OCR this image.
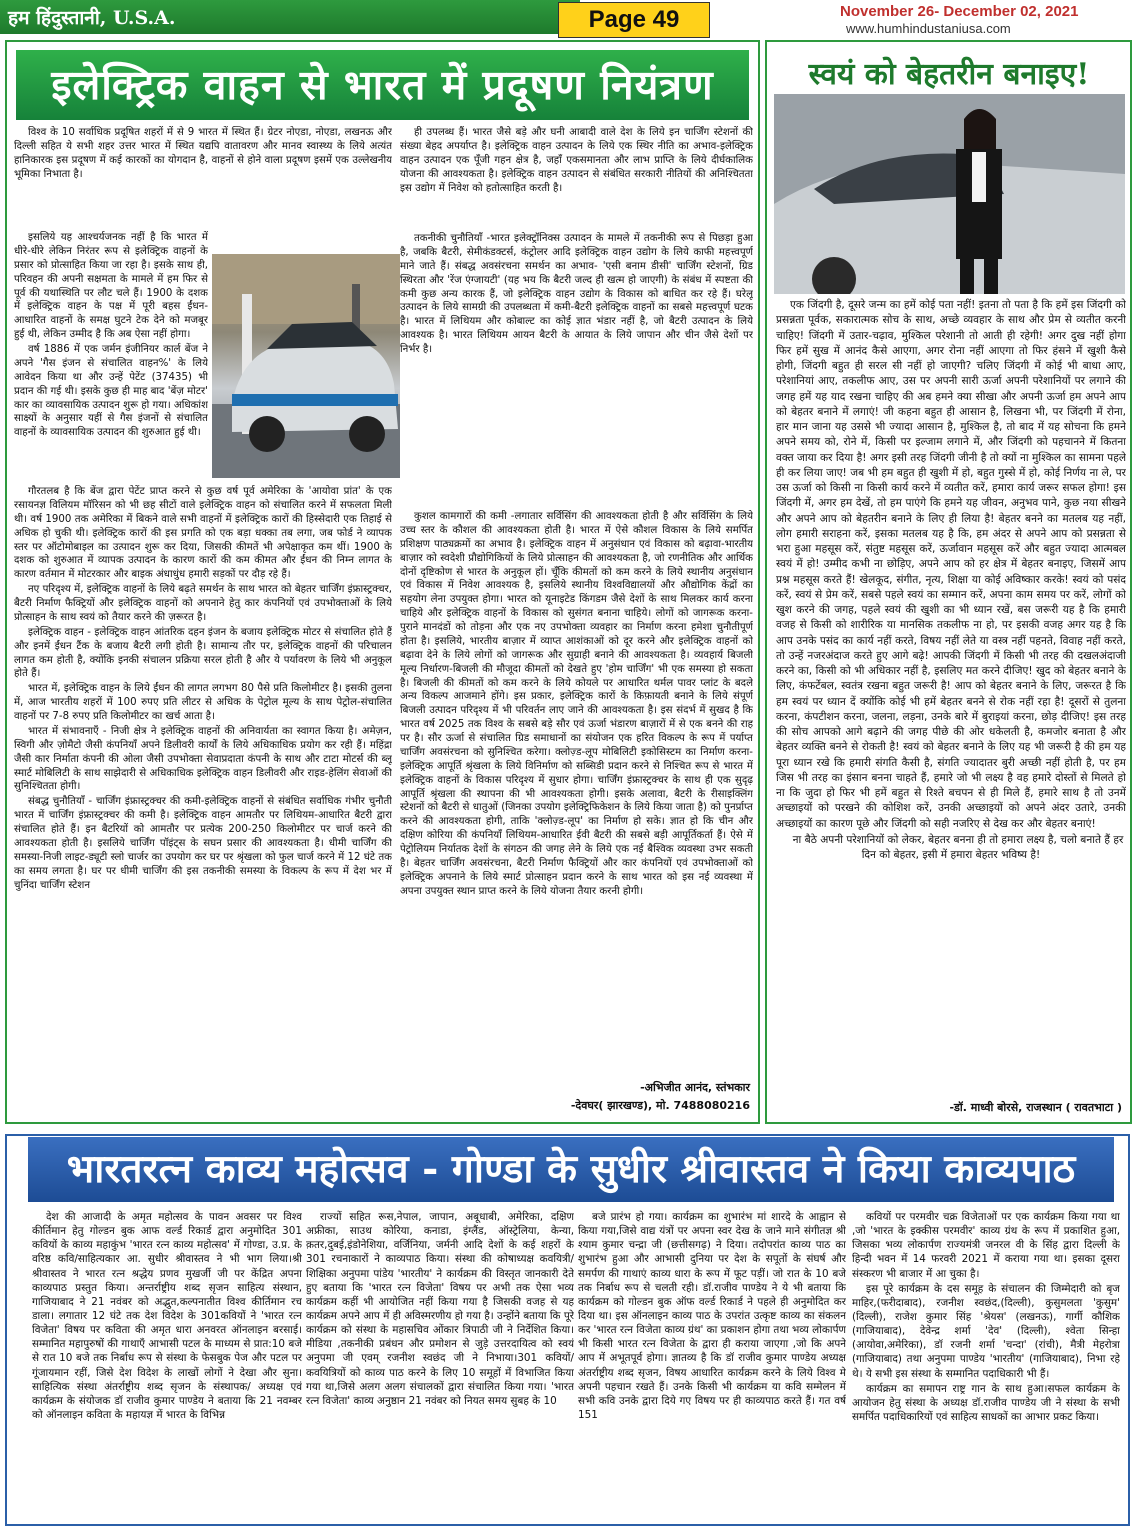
हम हिंदुस्तानी, U.S.A.	Page 49	November 26- December 02, 2021
www.humhindustaniusa.com
इलेक्ट्रिक वाहन से भारत में प्रदूषण नियंत्रण संभव

विश्व के 10 सर्वाधिक प्रदूषित शहरों में से 9 भारत में स्थित हैं। ग्रेटर नोएडा, नोएडा, लखनऊ और दिल्ली सहित ये सभी शहर उत्तर भारत में स्थित यद्यपि वातावरण और मानव स्वास्थ्य के लिये अत्यंत हानिकारक इस प्रदूषण में कई कारकों का योगदान है, वाहनों से होने वाला प्रदूषण इसमें एक उल्लेखनीय भूमिका निभाता है।

इसलिये यह आश्चर्यजनक नहीं है कि भारत में धीरे-धीरे लेकिन निरंतर रूप से इलेक्ट्रिक वाहनों के प्रसार को प्रोत्साहित किया जा रहा है। इसके साथ ही, परिवहन की अपनी सक्षमता के मामले में हम फिर से पूर्व की यथास्थिति पर लौट चले हैं। 1900 के दशक में इलेक्ट्रिक वाहन के पक्ष में पूरी बहस ईंधन-आधारित वाहनों के समक्ष घुटने टेक देने को मजबूर हुई थी, लेकिन उम्मीद है कि अब ऐसा नहीं होगा।

वर्ष 1886 में एक जर्मन इंजीनियर कार्ल बेंज ने अपने 'गैस इंजन से संचालित वाहन%' के लिये आवेदन किया था और उन्हें पेटेंट (37435) भी प्रदान की गई थी। इसके कुछ ही माह बाद 'बेंज़ मोटर' कार का व्यावसायिक उत्पादन शुरू हो गया। अधिकांश साक्ष्यों के अनुसार यहीं से गैस इंजनों से संचालित वाहनों के व्यावसायिक उत्पादन की शुरुआत हुई थी।

गौरतलब है कि बेंज द्वारा पेटेंट प्राप्त करने से कुछ वर्ष पूर्व अमेरिका के 'आयोवा प्रांत' के एक रसायनज्ञ विलियम मॉरिसन को भी छह सीटों वाले इलेक्ट्रिक वाहन को संचालित करने में सफलता मिली थी। वर्ष 1900 तक अमेरिका में बिकने वाले सभी वाहनों में इलेक्ट्रिक कारों की हिस्सेदारी एक तिहाई से अधिक हो चुकी थी। इलेक्ट्रिक कारों की इस प्रगति को एक बड़ा धक्का तब लगा, जब फोर्ड ने व्यापक स्तर पर ऑटोमोबाइल का उत्पादन शुरू कर दिया, जिसकी कीमतें भी अपेक्षाकृत कम थीं। 1900 के दशक को शुरुआत में व्यापक उत्पादन के कारण कारों की कम कीमत और ईंधन की निम्न लागत के कारण वर्तमान में मोटरकार और बाइक अंधाधुंध हमारी सड़कों पर दौड़ रहे हैं।

नए परिदृश्य में, इलेक्ट्रिक वाहनों के लिये बढ़ते समर्थन के साथ भारत को बेहतर चार्जिंग इंफ्रास्ट्रक्चर, बैटरी निर्माण फैक्ट्रियों और इलेक्ट्रिक वाहनों को अपनाने हेतु कार कंपनियों एवं उपभोक्ताओं के लिये प्रोत्साहन के साथ स्वयं को तैयार करने की ज़रूरत है।

इलेक्ट्रिक वाहन - इलेक्ट्रिक वाहन आंतरिक दहन इंजन के बजाय इलेक्ट्रिक मोटर से संचालित होते हैं और इनमें ईंधन टैंक के बजाय बैटरी लगी होती है। सामान्य तौर पर, इलेक्ट्रिक वाहनों की परिचालन लागत कम होती है, क्योंकि इनकी संचालन प्रक्रिया सरल होती है और ये पर्यावरण के लिये भी अनुकूल होते हैं।

भारत में, इलेक्ट्रिक वाहन के लिये ईंधन की लागत लगभग 80 पैसे प्रति किलोमीटर है। इसकी तुलना में, आज भारतीय शहरों में 100 रुपए प्रति लीटर से अधिक के पेट्रोल मूल्य के साथ पेट्रोल-संचालित वाहनों पर 7-8 रुपए प्रति किलोमीटर का खर्च आता है।

भारत में संभावनाएँ - निजी क्षेत्र ने इलेक्ट्रिक वाहनों की अनिवार्यता का स्वागत किया है। अमेज़न, स्विगी और ज़ोमैटो जैसी कंपनियाँ अपने डिलीवरी कार्यों के लिये अधिकाधिक प्रयोग कर रही हैं। महिंद्रा जैसी कार निर्माता कंपनी की ओला जैसी उपभोक्ता सेवाप्रदाता कंपनी के साथ और टाटा मोटर्स की ब्लू स्मार्ट मोबिलिटी के साथ साझेदारी से अधिकाधिक इलेक्ट्रिक वाहन डिलीवरी और राइड-हेलिंग सेवाओं की सुनिश्चितता होगी।

संबद्ध चुनौतियाँ - चार्जिंग इंफ्रास्ट्रक्चर की कमी-इलेक्ट्रिक वाहनों से संबंधित सर्वाधिक गंभीर चुनौती भारत में चार्जिंग इंफ्रास्ट्रक्चर की कमी है। इलेक्ट्रिक वाहन आमतौर पर लिथियम-आधारित बैटरी द्वारा संचालित होते हैं। इन बैटरियों को आमतौर पर प्रत्येक 200-250 किलोमीटर पर चार्ज करने की आवश्यकता होती है। इसलिये चार्जिंग पॉइंट्स के सघन प्रसार की आवश्यकता है। धीमी चार्जिंग की समस्या-निजी लाइट-ड्यूटी स्लो चार्जर का उपयोग कर घर पर श्रृंखला को फुल चार्ज करने में 12 घंटे तक का समय लगता है। घर पर धीमी चार्जिंग की इस तकनीकी समस्या के विकल्प के रूप में देश भर में चुनिंदा चार्जिंग स्टेशन

ही उपलब्ध हैं। भारत जैसे बड़े और घनी आबादी वाले देश के लिये इन चार्जिंग स्टेशनों की संख्या बेहद अपर्याप्त है। इलेक्ट्रिक वाहन उत्पादन के लिये एक स्थिर नीति का अभाव-इलेक्ट्रिक वाहन उत्पादन एक पूँजी गहन क्षेत्र है, जहाँ एकसमानता और लाभ प्राप्ति के लिये दीर्घकालिक योजना की आवश्यकता है। इलेक्ट्रिक वाहन उत्पादन से संबंधित सरकारी नीतियों की अनिश्चितता इस उद्योग में निवेश को हतोत्साहित करती है।

तकनीकी चुनौतियाँ -भारत इलेक्ट्रॉनिक्स उत्पादन के मामले में तकनीकी रूप से पिछड़ा हुआ है, जबकि बैटरी, सेमीकंडक्टर्स, कंट्रोलर आदि इलेक्ट्रिक वाहन उद्योग के लिये काफी महत्त्वपूर्ण माने जाते हैं। संबद्ध अवसंरचना समर्थन का अभाव- 'एसी बनाम डीसी' चार्जिंग स्टेशनों, ग्रिड स्थिरता और 'रेंज एंग्जायटी' (यह भय कि बैटरी जल्द ही खत्म हो जाएगी) के संबंध में स्पष्टता की कमी कुछ अन्य कारक हैं, जो इलेक्ट्रिक वाहन उद्योग के विकास को बाधित कर रहे हैं। घरेलू उत्पादन के लिये सामग्री की उपलब्धता में कमी-बैटरी इलेक्ट्रिक वाहनों का सबसे महत्त्वपूर्ण घटक है। भारत में लिथियम और कोबाल्ट का कोई ज्ञात भंडार नहीं है, जो बैटरी उत्पादन के लिये आवश्यक है। भारत लिथियम आयन बैटरी के आयात के लिये जापान और चीन जैसे देशों पर निर्भर है।

कुशल कामगारों की कमी -लगातार सर्विसिंग की आवश्यकता होती है और सर्विसिंग के लिये उच्च स्तर के कौशल की आवश्यकता होती है। भारत में ऐसे कौशल विकास के लिये समर्पित प्रशिक्षण पाठ्यक्रमों का अभाव है। इलेक्ट्रिक वाहन में अनुसंधान एवं विकास को बढ़ावा-भारतीय बाज़ार को स्वदेशी प्रौद्योगिकियों के लिये प्रोत्साहन की आवश्यकता है, जो रणनीतिक और आर्थिक दोनों दृष्टिकोण से भारत के अनुकूल हों। चूँकि कीमतों को कम करने के लिये स्थानीय अनुसंधान एवं विकास में निवेश आवश्यक है, इसलिये स्थानीय विश्वविद्यालयों और औद्योगिक केंद्रों का सहयोग लेना उपयुक्त होगा। भारत को यूनाइटेड किंगडम जैसे देशों के साथ मिलकर कार्य करना चाहिये और इलेक्ट्रिक वाहनों के विकास को सुसंगत बनाना चाहिये। लोगों को जागरूक करना-पुराने मानदंडों को तोड़ना और एक नए उपभोक्ता व्यवहार का निर्माण करना हमेशा चुनौतीपूर्ण होता है। इसलिये, भारतीय बाज़ार में व्याप्त आशंकाओं को दूर करने और इलेक्ट्रिक वाहनों को बढ़ावा देने के लिये लोगों को जागरूक और सुग्राही बनाने की आवश्यकता है। व्यवहार्य बिजली मूल्य निर्धारण-बिजली की मौजूदा कीमतों को देखते हुए 'होम चार्जिंग' भी एक समस्या हो सकता है। बिजली की कीमतों को कम करने के लिये कोयले पर आधारित थर्मल पावर प्लांट के बदले अन्य विकल्प आजमाने होंगे। इस प्रकार, इलेक्ट्रिक कारों के किफ़ायती बनाने के लिये संपूर्ण बिजली उत्पादन परिदृश्य में भी परिवर्तन लाए जाने की आवश्यकता है। इस संदर्भ में सुखद है कि भारत वर्ष 2025 तक विश्व के सबसे बड़े सौर एवं ऊर्जा भंडारण बाज़ारों में से एक बनने की राह पर है। सौर ऊर्जा से संचालित ग्रिड समाधानों का संयोजन एक हरित विकल्प के रूप में पर्याप्त चार्जिंग अवसंरचना को सुनिश्चित करेगा। क्लोज़्ड-लूप मोबिलिटी इकोसिस्टम का निर्माण करना-इलेक्ट्रिक आपूर्ति श्रृंखला के लिये विनिर्माण को सब्सिडी प्रदान करने से निश्चित रूप से भारत में इलेक्ट्रिक वाहनों के विकास परिदृश्य में सुधार होगा। चार्जिंग इंफ्रास्ट्रक्चर के साथ ही एक सुदृढ़ आपूर्ति श्रृंखला की स्थापना की भी आवश्यकता होगी। इसके अलावा, बैटरी के रीसाइक्लिंग स्टेशनों को बैटरी से धातुओं (जिनका उपयोग इलेक्ट्रिफिकेशन के लिये किया जाता है) को पुनर्प्राप्त करने की आवश्यकता होगी, ताकि 'क्लोज़्ड-लूप' का निर्माण हो सके। ज्ञात हो कि चीन और दक्षिण कोरिया की कंपनियाँ लिथियम-आधारित ईवी बैटरी की सबसे बड़ी आपूर्तिकर्ता हैं। ऐसे में पेट्रोलियम निर्यातक देशों के संगठन की जगह लेने के लिये एक नई बैश्विक व्यवस्था उभर सकती है। बेहतर चार्जिंग अवसंरचना, बैटरी निर्माण फैक्ट्रियों और कार कंपनियों एवं उपभोक्ताओं को इलेक्ट्रिक अपनाने के लिये स्मार्ट प्रोत्साहन प्रदान करने के साथ भारत को इस नई व्यवस्था में अपना उपयुक्त स्थान प्राप्त करने के लिये योजना तैयार करनी होगी।

-अभिजीत आनंद, स्तंभकार
-देवघर( झारखण्ड), मो. 7488080216
स्वयं को बेहतरीन बनाइए!

एक जिंदगी है, दूसरे जन्म का हमें कोई पता नहीं! इतना तो पता है कि हमें इस जिंदगी को प्रसन्नता पूर्वक, सकारात्मक सोच के साथ, अच्छे व्यवहार के साथ और प्रेम से व्यतीत करनी चाहिए! जिंदगी में उतार-चढ़ाव, मुश्किल परेशानी तो आती ही रहेगी! अगर दुख नहीं होगा फिर हमें सुख में आनंद कैसे आएगा, अगर रोना नहीं आएगा तो फिर हंसने में खुशी कैसे होगी, जिंदगी बहुत ही सरल सी नहीं हो जाएगी? चलिए जिंदगी में कोई भी बाधा आए, परेशानियां आए, तकलीफ आए, उस पर अपनी सारी ऊर्जा अपनी परेशानियों पर लगाने की जगह हमें यह याद रखना चाहिए की अब हमने क्या सीखा और अपनी ऊर्जा हम अपने आप को बेहतर बनाने में लगाएं! जी कहना बहुत ही आसान है, लिखना भी, पर जिंदगी में रोना, हार मान जाना यह उससे भी ज्यादा आसान है, मुश्किल है, तो बाद में यह सोचना कि हमने अपने समय को, रोने में, किसी पर इल्जाम लगाने में, और जिंदगी को पहचानने में कितना वक्त जाया कर दिया है! अगर इसी तरह जिंदगी जीनी है तो क्यों ना मुश्किल का सामना पहले ही कर लिया जाए! जब भी हम बहुत ही खुशी में हो, बहुत गुस्से में हो, कोई निर्णय ना ले, पर उस ऊर्जा को किसी ना किसी कार्य करने में व्यतीत करें, हमारा कार्य जरूर सफल होगा! इस जिंदगी में, अगर हम देखें, तो हम पाएंगे कि हमने यह जीवन, अनुभव पाने, कुछ नया सीखने और अपने आप को बेहतरीन बनाने के लिए ही लिया है! बेहतर बनने का मतलब यह नहीं, लोग हमारी सराहना करें, इसका मतलब यह है कि, हम अंदर से अपने आप को प्रसन्नता से भरा हुआ महसूस करें, संतुष्ट महसूस करें, ऊर्जावान महसूस करें और बहुत ज्यादा आत्मबल स्वयं में हो! उम्मीद कभी ना छोड़िए, अपने आप को हर क्षेत्र में बेहतर बनाइए, जिसमें आप प्रश्न महसूस करते हैं! खेलकूद, संगीत, नृत्य, शिक्षा या कोई अविष्कार करके! स्वयं को पसंद करें, स्वयं से प्रेम करें, सबसे पहले स्वयं का सम्मान करें, अपना काम समय पर करें, लोगों को खुश करने की जगह, पहले स्वयं की खुशी का भी ध्यान रखें, बस जरूरी यह है कि हमारी वजह से किसी को शारीरिक या मानसिक तकलीफ ना हो, पर इसकी वजह अगर यह है कि आप उनके पसंद का कार्य नहीं करते, विषय नहीं लेते या वस्त्र नहीं पहनते, विवाह नहीं करते, तो उन्हें नजरअंदाज करते हुए आगे बढ़े! आपकी जिंदगी में किसी भी तरह की दखलअंदाजी करने का, किसी को भी अधिकार नहीं है, इसलिए मत करने दीजिए! खुद को बेहतर बनाने के लिए, कंफर्टेबल, स्वतंत्र रखना बहुत जरूरी है! आप को बेहतर बनाने के लिए, जरूरत है कि हम स्वयं पर ध्यान दें क्योंकि कोई भी हमें बेहतर बनने से रोक नहीं रहा है! दूसरों से तुलना करना, कंपटीशन करना, जलना, लड़ना, उनके बारे में बुराइयां करना, छोड़ दीजिए! इस तरह की सोच आपको आगे बढ़ाने की जगह पीछे की ओर धकेलती है, कमजोर बनाता है और बेहतर व्यक्ति बनने से रोकती है! स्वयं को बेहतर बनाने के लिए यह भी जरूरी है की हम यह पूरा ध्यान रखे कि हमारी संगति कैसी है, संगति ज्यादातर बुरी अच्छी नहीं होती है, पर हम जिस भी तरह का इंसान बनना चाहते हैं, हमारे जो भी लक्ष्य है वह हमारे दोस्तों से मिलते हो ना कि जुदा हो फिर भी हमें बहुत से रिश्ते बचपन से ही मिले हैं, हमारे साथ है तो उनमें अच्छाइयों को परखने की कोशिश करें, उनकी अच्छाइयों को अपने अंदर उतारे, उनकी अच्छाइयों का कारण पूछे और जिंदगी को सही नजरिए से देख कर और बेहतर बनाएं!

ना बैठे अपनी परेशानियों को लेकर, बेहतर बनना ही तो हमारा लक्ष्य है, चलो बनाते हैं हर दिन को बेहतर, इसी में हमारा बेहतर भविष्य है!

-डॉ. माध्वी बोरसे, राजस्थान ( रावतभाटा )
भारतरत्न काव्य महोत्सव - गोण्डा के सुधीर श्रीवास्तव ने किया काव्यपाठ

देश की आजादी के अमृत महोत्सव के पावन अवसर पर विश्व कीर्तिमान हेतु गोल्डन बुक आफ वर्ल्ड रिकार्ड द्वारा अनुमोदित 301 कवियों के काव्य महाकुंभ 'भारत रत्न काव्य महोत्सव' में गोण्डा, उ.प्र. के वरिष्ठ कवि/साहित्यकार आ. सुधीर श्रीवास्तव ने भी भाग लिया।श्री श्रीवास्तव ने भारत रत्न श्रद्धेय प्रणव मुखर्जी जी पर केंद्रित अपना काव्यपाठ प्रस्तुत किया। अन्तर्राष्ट्रीय शब्द सृजन साहित्य संस्थान, गाजियाबाद ने 21 नवंबर को अद्भुत,कल्पनातीत विश्व कीर्तिमान रच डाला। लगातार 12 घंटे तक देश विदेश के 301कवियों ने 'भारत रत्न विजेता' विषय पर कविता की अमृत धारा अनवरत ऑनलाइन बरसाई। सम्मानित महापुरुषों की गाथाएँ आभासी पटल के माध्यम से प्रात:10 बजे से रात 10 बजे तक निर्बाध रूप से संस्था के फेसबुक पेज और पटल पर गूंजायमान रहीं, जिसे देश विदेश के लाखों लोगों ने देखा और सुना। साहित्यिक संस्था अंतर्राष्ट्रीय शब्द सृजन के संस्थापक/ अध्यक्ष एवं कार्यक्रम के संयोजक डॉ राजीव कुमार पाण्डेय ने बताया कि 21 नवम्बर को ऑनलाइन कविता के महायज्ञ में भारत के विभिन्न

राज्यों सहित रूस,नेपाल, जापान, अबूधाबी, अमेरिका, दक्षिण अफ्रीका, साउथ कोरिया, कनाडा, इंग्लैंड, ऑस्ट्रेलिया, केन्या, क़तर,दुबई,इंडोनेशिया, वर्जिनिया, जर्मनी आदि देशों के कई शहरों के 301 रचनाकारों ने काव्यपाठ किया। संस्था की कोषाध्यक्ष कवयित्री/शिक्षिका अनुपमा पांडेय 'भारतीय' ने कार्यक्रम की विस्तृत जानकारी देते हुए बताया कि 'भारत रत्न विजेता' विषय पर अभी तक ऐसा भव्य कार्यक्रम कहीं भी आयोजित नहीं किया गया है जिसकी वजह से यह कार्यक्रम अपने आप में ही अविस्मरणीय हो गया है। उन्होंने बताया कि पूरे कार्यक्रम को संस्था के महासचिव ओंकार त्रिपाठी जी ने निर्देशित किया। मीडिया ,तकनीकी प्रबंधन और प्रमोशन से जुड़े उत्तरदायित्व को स्वयं अनुपमा जी एवम् रजनीश स्वछंद जी ने निभाया।301 कवियों/कवयित्रियों को काव्य पाठ करने के लिए 10 समूहों में विभाजित किया गया था,जिसे अलग अलग संचालकों द्वारा संचालित किया गया। 'भारत रत्न विजेता' काव्य अनुष्ठान 21 नवंबर को नियत समय सुबह के 10

बजे प्रारंभ हो गया। कार्यक्रम का शुभारंभ मां शारदे के आह्वान से किया गया,जिसे वाद्य यंत्रों पर अपना स्वर देख के जाने माने संगीतज्ञ श्री श्याम कुमार चन्द्रा जी (छत्तीसगढ़) ने दिया। तदोपरांत काव्य पाठ का शुभारंभ हुआ और आभासी दुनिया पर देश के सपूतों के संघर्ष और समर्पण की गाथाएं काव्य धारा के रूप में फूट पड़ीं। जो रात के 10 बजे तक निर्बाध रूप से चलती रही। डॉ.राजीव पाण्डेय ने ये भी बताया कि कार्यक्रम को गोल्डन बुक ऑफ वर्ल्ड रिकार्ड ने पहले ही अनुमोदित कर दिया था। इस ऑनलाइन काव्य पाठ के उपरांत उत्कृष्ट काव्य का संकलन कर 'भारत रत्न विजेता काव्य ग्रंथ' का प्रकाशन होगा तथा भव्य लोकार्पण भी किसी भारत रत्न विजेता के द्वारा ही कराया जाएगा ,जो कि अपने आप में अभूतपूर्व होगा। ज्ञातव्य है कि डॉ राजीव कुमार पाण्डेय अध्यक्ष अंतर्राष्ट्रीय शब्द सृजन, विषय आधारित कार्यक्रम करने के लिये विश्व मे अपनी पहचान रखते हैं। उनके किसी भी कार्यक्रम या कवि सम्मेलन में सभी कवि उनके द्वारा दिये गए विषय पर ही काव्यपाठ करते हैं। गत वर्ष 151

कवियों पर परमवीर चक्र विजेताओं पर एक कार्यक्रम किया गया था ,जो 'भारत के इक्कीस परमवीर' काव्य ग्रंथ के रूप में प्रकाशित हुआ, जिसका भव्य लोकार्पण राज्यमंत्री जनरल वी के सिंह द्वारा दिल्ली के हिन्दी भवन में 14 फरवरी 2021 में कराया गया था। इसका दूसरा संस्करण भी बाजार में आ चुका है।

इस पूरे कार्यक्रम के दस समूह के संचालन की जिम्मेदारी को बृज माहिर,(फरीदाबाद), रजनीश स्वछंद,(दिल्ली), कुसुमलता 'कुसुम' (दिल्ली), राजेश कुमार सिंह 'श्रेयस' (लखनऊ), गार्गी कौशिक (गाजियाबाद), देवेन्द्र शर्मा 'देव' (दिल्ली), श्वेता सिन्हा (आयोवा,अमेरिका), डॉ रजनी शर्मा 'चन्दा' (रांची), मैत्री मेहरोत्रा (गाजियाबाद) तथा अनुपमा पाण्डेय 'भारतीय' (गाजियाबाद), निभा रहे थे। ये सभी इस संस्था के सम्मानित पदाधिकारी भी हैं।

कार्यक्रम का समापन राष्ट्र गान के साथ हुआ।सफल कार्यक्रम के आयोजन हेतु संस्था के अध्यक्ष डॉ.राजीव पाण्डेय जी ने संस्था के सभी समर्पित पदाधिकारियों एवं साहित्य साधकों का आभार प्रकट किया।
